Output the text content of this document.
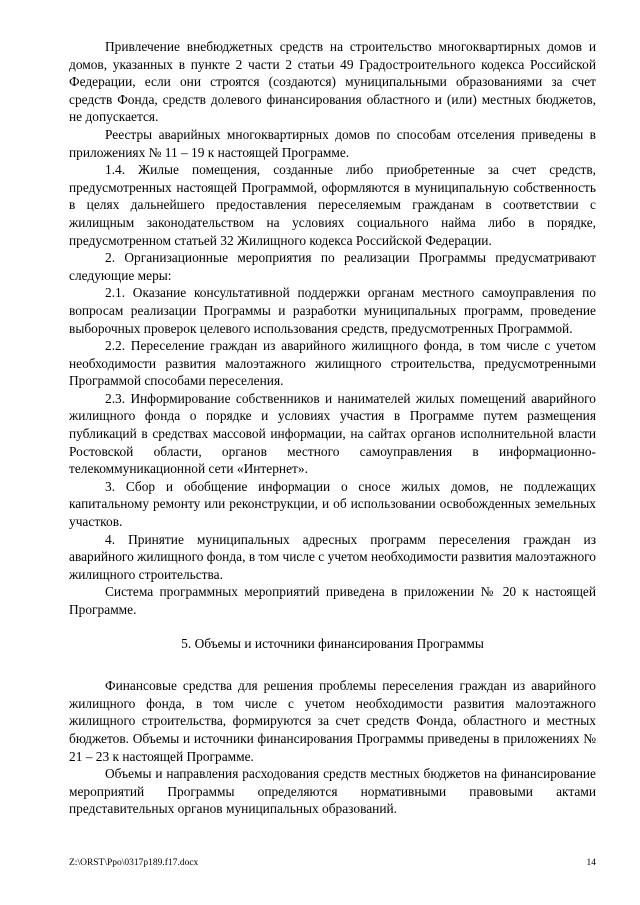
Привлечение внебюджетных средств на строительство многоквартирных домов и домов, указанных в пункте 2 части 2 статьи 49 Градостроительного кодекса Российской Федерации, если они строятся (создаются) муниципальными образованиями за счет средств Фонда, средств долевого финансирования областного и (или) местных бюджетов, не допускается.

Реестры аварийных многоквартирных домов по способам отселения приведены в приложениях № 11 – 19 к настоящей Программе.

1.4. Жилые помещения, созданные либо приобретенные за счет средств, предусмотренных настоящей Программой, оформляются в муниципальную собственность в целях дальнейшего предоставления переселяемым гражданам в соответствии с жилищным законодательством на условиях социального найма либо в порядке, предусмотренном статьей 32 Жилищного кодекса Российской Федерации.

2. Организационные мероприятия по реализации Программы предусматривают следующие меры:

2.1. Оказание консультативной поддержки органам местного самоуправления по вопросам реализации Программы и разработки муниципальных программ, проведение выборочных проверок целевого использования средств, предусмотренных Программой.

2.2. Переселение граждан из аварийного жилищного фонда, в том числе с учетом необходимости развития малоэтажного жилищного строительства, предусмотренными Программой способами переселения.

2.3. Информирование собственников и нанимателей жилых помещений аварийного жилищного фонда о порядке и условиях участия в Программе путем размещения публикаций в средствах массовой информации, на сайтах органов исполнительной власти Ростовской области, органов местного самоуправления в информационно-телекоммуникационной сети «Интернет».

3. Сбор и обобщение информации о сносе жилых домов, не подлежащих капитальному ремонту или реконструкции, и об использовании освобожденных земельных участков.

4. Принятие муниципальных адресных программ переселения граждан из аварийного жилищного фонда, в том числе с учетом необходимости развития малоэтажного жилищного строительства.

Система программных мероприятий приведена в приложении № 20 к настоящей Программе.

5. Объемы и источники финансирования Программы

Финансовые средства для решения проблемы переселения граждан из аварийного жилищного фонда, в том числе с учетом необходимости развития малоэтажного жилищного строительства, формируются за счет средств Фонда, областного и местных бюджетов. Объемы и источники финансирования Программы приведены в приложениях № 21 – 23 к настоящей Программе.

Объемы и направления расходования средств местных бюджетов на финансирование мероприятий Программы определяются нормативными правовыми актами представительных органов муниципальных образований.

Z:\ORST\Ppo\0317p189.f17.docx	14
